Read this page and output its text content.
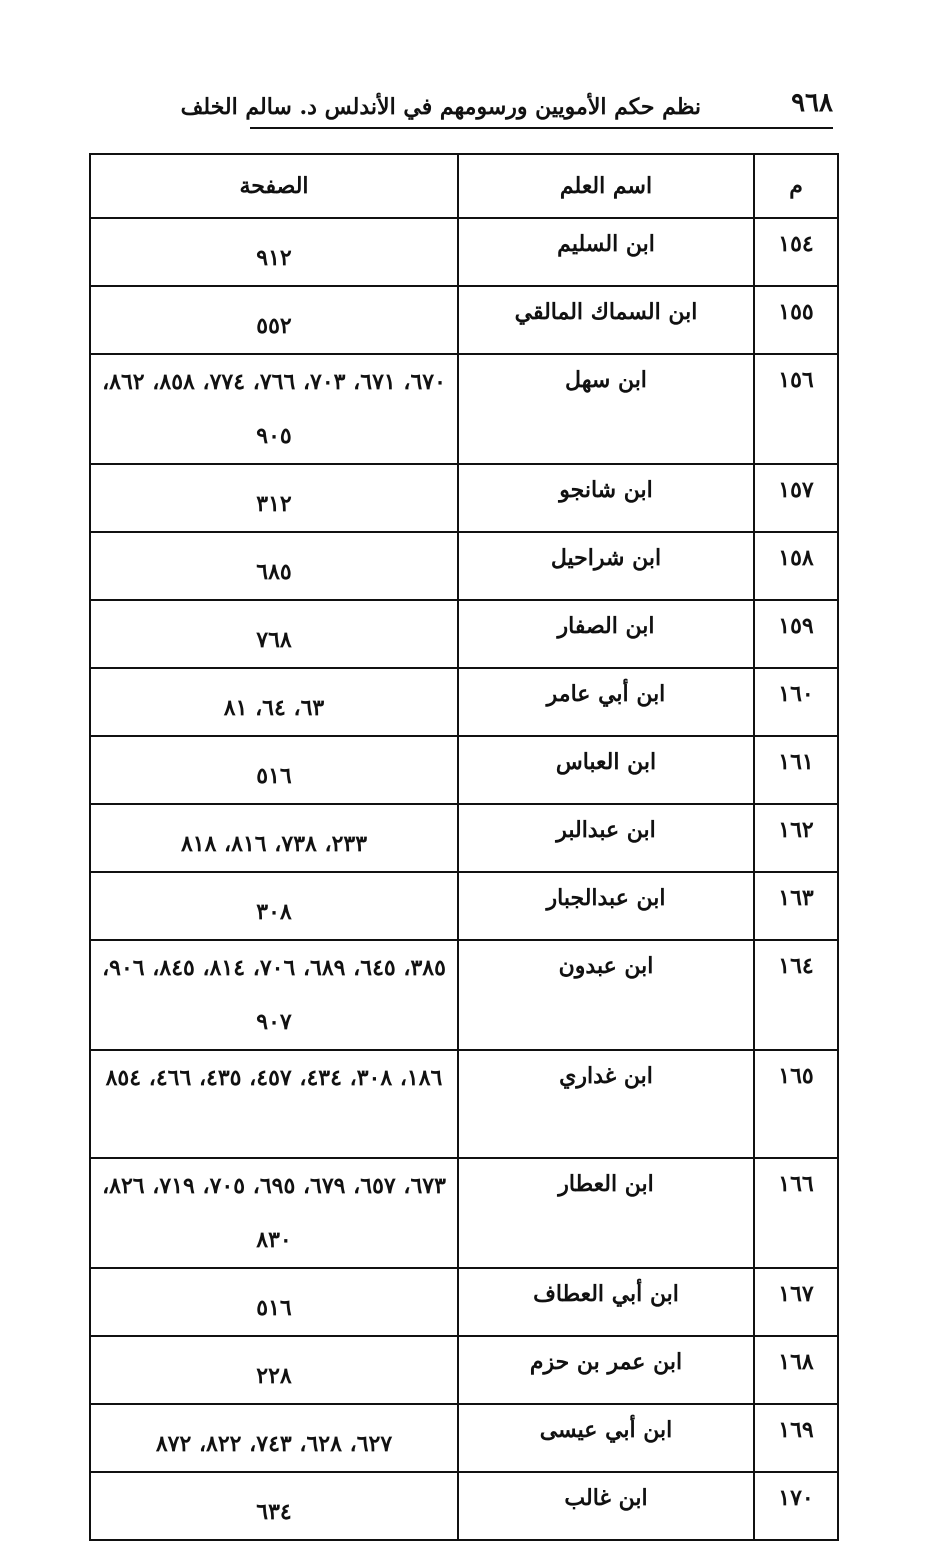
٩٦٨
نظم حكم الأمويين ورسومهم في الأندلس د. سالم الخلف
م	اسم العلم	الصفحة
١٥٤	ابن السليم	٩١٢
١٥٥	ابن السماك المالقي	٥٥٢
١٥٦	ابن سهل	٦٧٠، ٦٧١، ٧٠٣، ٧٦٦، ٧٧٤، ٨٥٨، ٨٦٢، ٩٠٥
١٥٧	ابن شانجو	٣١٢
١٥٨	ابن شراحيل	٦٨٥
١٥٩	ابن الصفار	٧٦٨
١٦٠	ابن أبي عامر	٦٣، ٦٤، ٨١
١٦١	ابن العباس	٥١٦
١٦٢	ابن عبدالبر	٢٣٣، ٧٣٨، ٨١٦، ٨١٨
١٦٣	ابن عبدالجبار	٣٠٨
١٦٤	ابن عبدون	٣٨٥، ٦٤٥، ٦٨٩، ٧٠٦، ٨١٤، ٨٤٥، ٩٠٦، ٩٠٧
١٦٥	ابن غداري	١٨٦، ٣٠٨، ٤٣٤، ٤٥٧، ٤٣٥، ٤٦٦، ٨٥٤
١٦٦	ابن العطار	٦٧٣، ٦٥٧، ٦٧٩، ٦٩٥، ٧٠٥، ٧١٩، ٨٢٦، ٨٣٠
١٦٧	ابن أبي العطاف	٥١٦
١٦٨	ابن عمر بن حزم	٢٢٨
١٦٩	ابن أبي عيسى	٦٢٧، ٦٢٨، ٧٤٣، ٨٢٢، ٨٧٢
١٧٠	ابن غالب	٦٣٤
